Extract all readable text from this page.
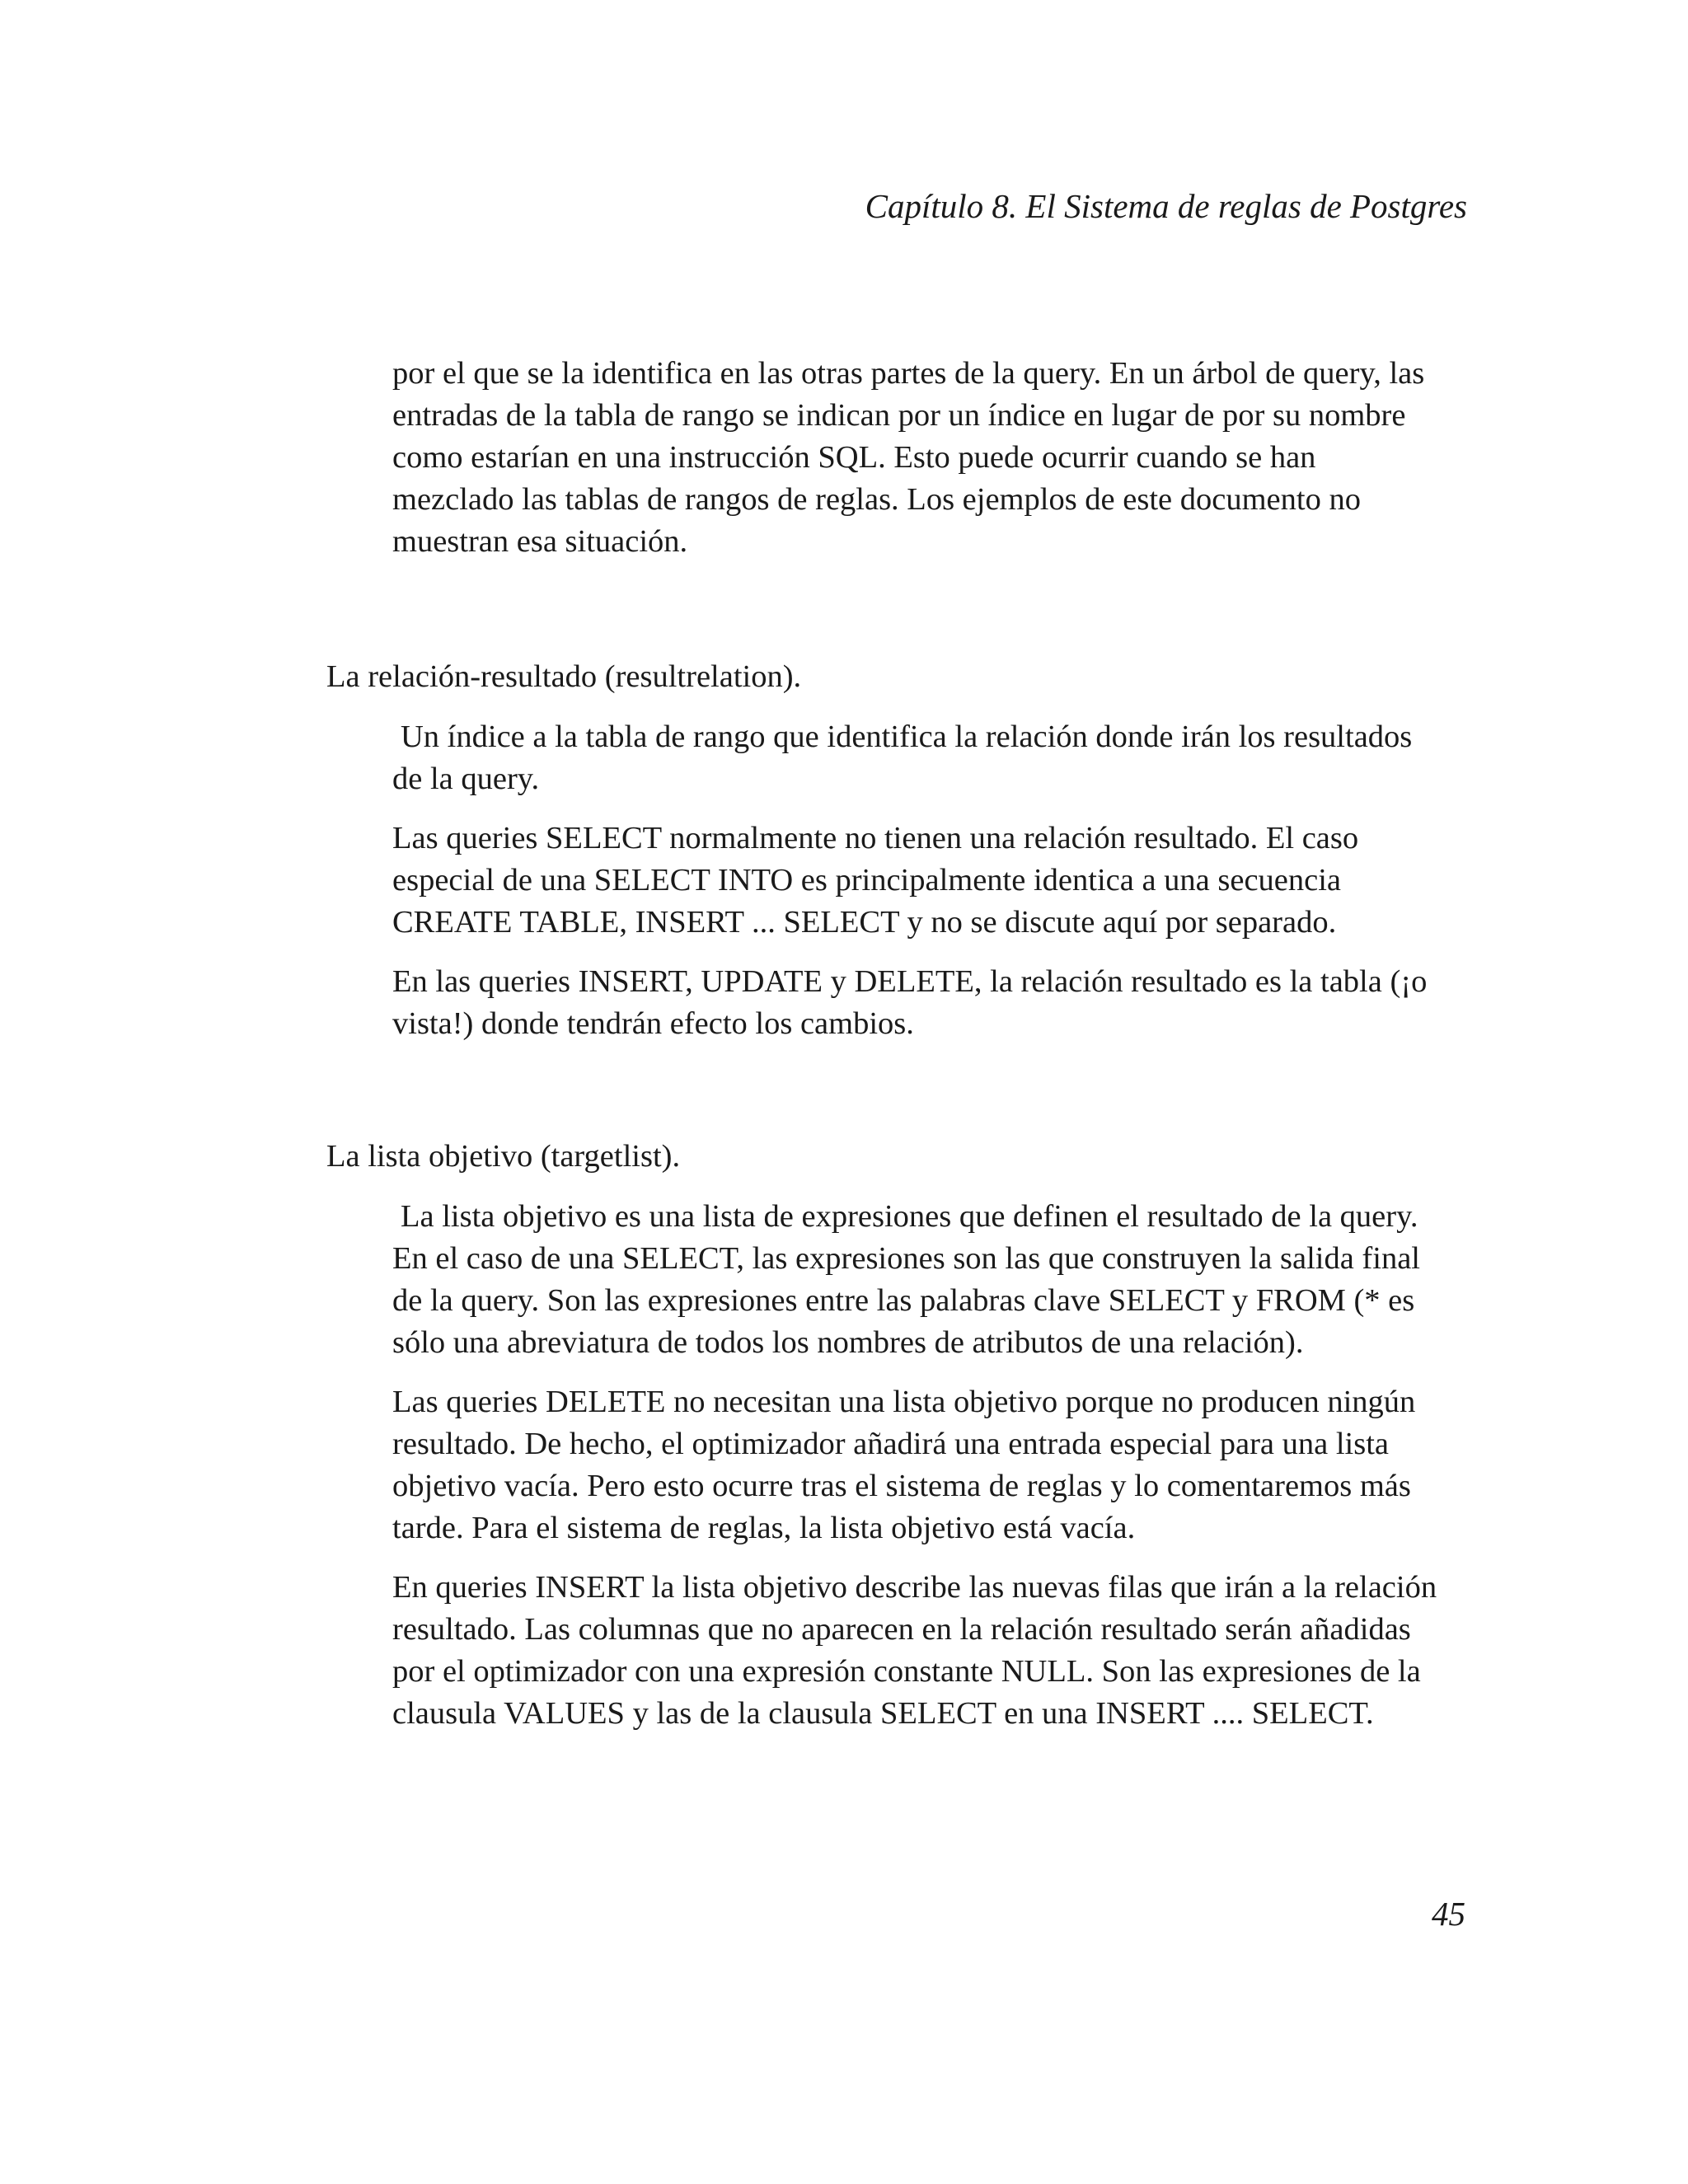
Capítulo 8. El Sistema de reglas de Postgres

por el que se la identifica en las otras partes de la query. En un árbol de query, las
entradas de la tabla de rango se indican por un índice en lugar de por su nombre
como estarían en una instrucción SQL. Esto puede ocurrir cuando se han
mezclado las tablas de rangos de reglas. Los ejemplos de este documento no
muestran esa situación.

La relación-resultado (resultrelation).

Un índice a la tabla de rango que identifica la relación donde irán los resultados
de la query.

Las queries SELECT normalmente no tienen una relación resultado. El caso
especial de una SELECT INTO es principalmente identica a una secuencia
CREATE TABLE, INSERT ... SELECT y no se discute aquí por separado.

En las queries INSERT, UPDATE y DELETE, la relación resultado es la tabla (¡o
vista!) donde tendrán efecto los cambios.

La lista objetivo (targetlist).

La lista objetivo es una lista de expresiones que definen el resultado de la query.
En el caso de una SELECT, las expresiones son las que construyen la salida final
de la query. Son las expresiones entre las palabras clave SELECT y FROM (* es
sólo una abreviatura de todos los nombres de atributos de una relación).

Las queries DELETE no necesitan una lista objetivo porque no producen ningún
resultado. De hecho, el optimizador añadirá una entrada especial para una lista
objetivo vacía. Pero esto ocurre tras el sistema de reglas y lo comentaremos más
tarde. Para el sistema de reglas, la lista objetivo está vacía.

En queries INSERT la lista objetivo describe las nuevas filas que irán a la relación
resultado. Las columnas que no aparecen en la relación resultado serán añadidas
por el optimizador con una expresión constante NULL. Son las expresiones de la
clausula VALUES y las de la clausula SELECT en una INSERT .... SELECT.

45
